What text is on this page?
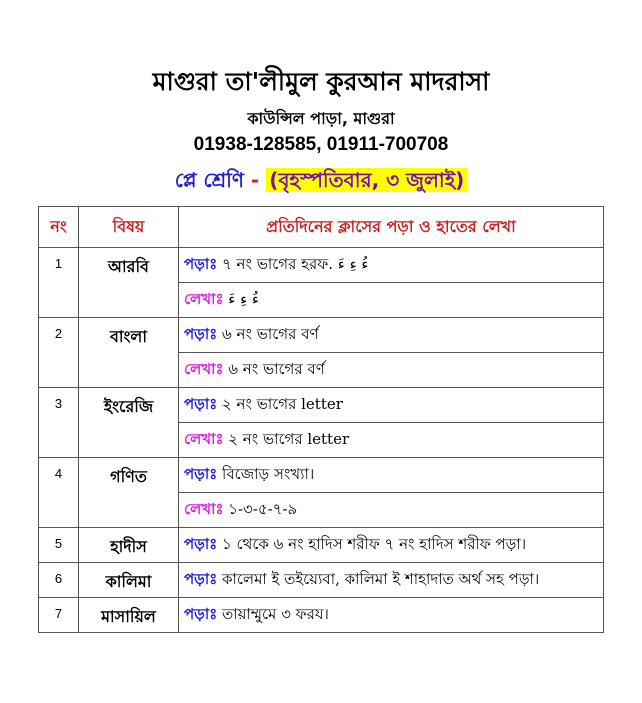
মাগুরা তা'লীমুল কুরআন মাদরাসা
কাউন্সিল পাড়া, মাগুরা
01938-128585, 01911-700708
প্লে শ্রেণি - (বৃহস্পতিবার, ৩ জুলাই)
নং	বিষয়	প্রতিদিনের ক্লাসের পড়া ও হাতের লেখা
1	আরবি	পড়াঃ ৭ নং ভাগের হরফ. ءُ ءِ ءَ
		লেখাঃ ءُ ءِ ءَ
2	বাংলা	পড়াঃ ৬ নং ভাগের বর্ণ
		লেখাঃ ৬ নং ভাগের বর্ণ
3	ইংরেজি	পড়াঃ ২ নং ভাগের letter
		লেখাঃ ২ নং ভাগের letter
4	গণিত	পড়াঃ বিজোড় সংখ্যা।
		লেখাঃ ১-৩-৫-৭-৯
5	হাদীস	পড়াঃ ১ থেকে ৬ নং হাদিস শরীফ ৭ নং হাদিস শরীফ পড়া।
6	কালিমা	পড়াঃ কালেমা ই তইয়্যেবা, কালিমা ই শাহাদাত অর্থ সহ পড়া।
7	মাসায়িল	পড়াঃ তায়াম্মুমে ৩ ফরয।
